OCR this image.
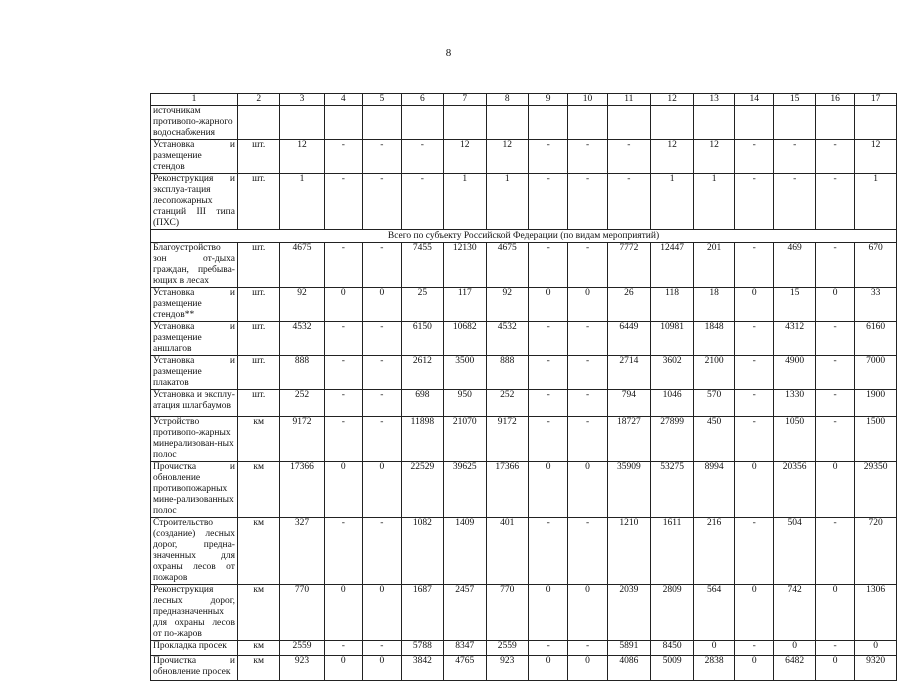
8
1	2	3	4	5	6	7	8	9	10	11	12	13	14	15	16	17
источникам противопо-жарного водоснабжения																
Установка и размещение стендов	шт.	12	-	-	-	12	12	-	-	-	12	12	-	-	-	12
Реконструкция и эксплуа-тация лесопожарных станций III типа (ПХС)	шт.	1	-	-	-	1	1	-	-	-	1	1	-	-	-	1
Всего по субъекту Российской Федерации (по видам мероприятий)																
Благоустройство зон от-дыха граждан, пребыва-ющих в лесах	шт.	4675	-	-	7455	12130	4675	-	-	7772	12447	201	-	469	-	670
Установка и размещение стендов**	шт.	92	0	0	25	117	92	0	0	26	118	18	0	15	0	33
Установка и размещение аншлагов	шт.	4532	-	-	6150	10682	4532	-	-	6449	10981	1848	-	4312	-	6160
Установка и размещение плакатов	шт.	888	-	-	2612	3500	888	-	-	2714	3602	2100	-	4900	-	7000
Установка и эксплу-атация шлагбаумов	шт.	252	-	-	698	950	252	-	-	794	1046	570	-	1330	-	1900
Устройство противопо-жарных минерализован-ных полос	км	9172	-	-	11898	21070	9172	-	-	18727	27899	450	-	1050	-	1500
Прочистка и обновление противопожарных мине-рализованных полос	км	17366	0	0	22529	39625	17366	0	0	35909	53275	8994	0	20356	0	29350
Строительство (создание) лесных дорог, предна-значенных для охраны лесов от пожаров	км	327	-	-	1082	1409	401	-	-	1210	1611	216	-	504	-	720
Реконструкция лесных дорог, предназначенных для охраны лесов от по-жаров	км	770	0	0	1687	2457	770	0	0	2039	2809	564	0	742	0	1306
Прокладка просек	км	2559	-	-	5788	8347	2559	-	-	5891	8450	0	-	0	-	0
Прочистка и обновление просек	км	923	0	0	3842	4765	923	0	0	4086	5009	2838	0	6482	0	9320
